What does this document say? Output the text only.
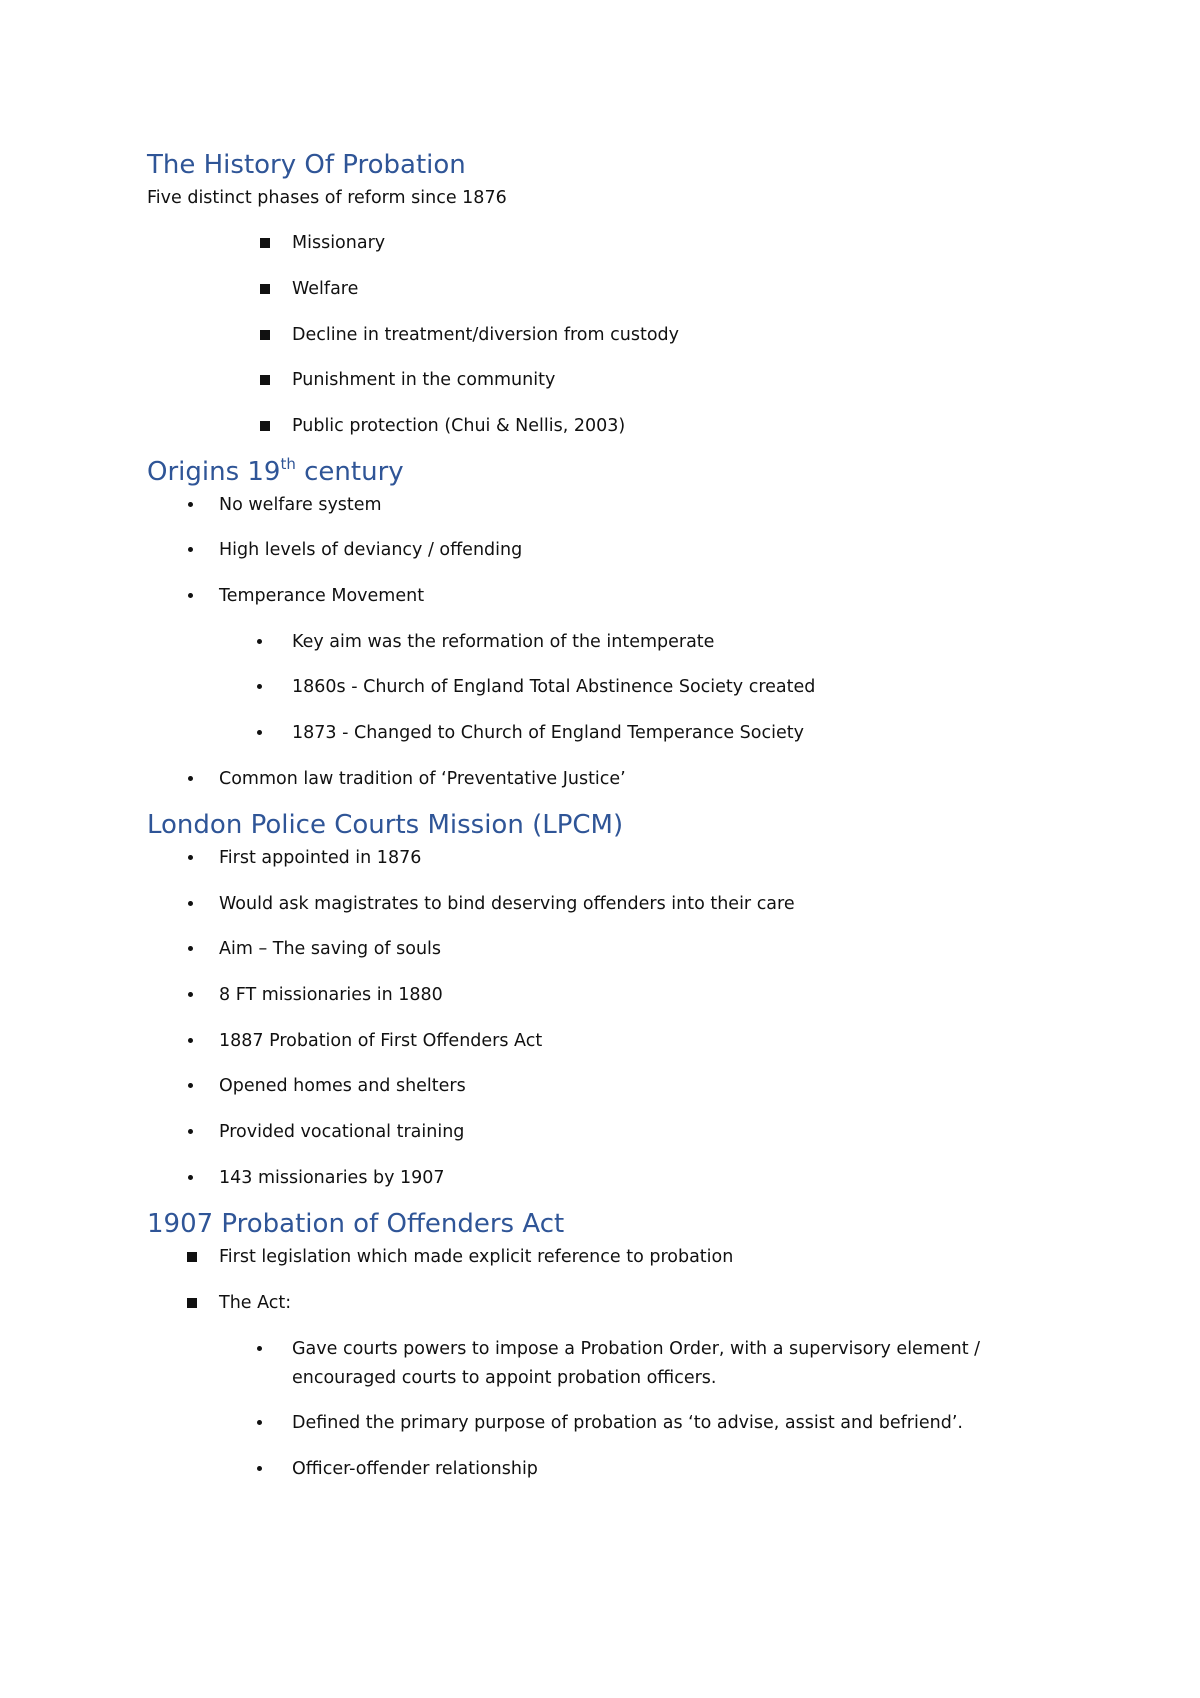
The History Of Probation

Five distinct phases of reform since 1876

Missionary
Welfare
Decline in treatment/diversion from custody
Punishment in the community
Public protection (Chui & Nellis, 2003)
Origins 19th century
No welfare system
High levels of deviancy / offending
Temperance Movement
Key aim was the reformation of the intemperate
1860s - Church of England Total Abstinence Society created
1873 - Changed to Church of England Temperance Society
Common law tradition of ‘Preventative Justice’
London Police Courts Mission (LPCM)
First appointed in 1876
Would ask magistrates to bind deserving offenders into their care
Aim – The saving of souls
8 FT missionaries in 1880
1887 Probation of First Offenders Act
Opened homes and shelters
Provided vocational training
143 missionaries by 1907
1907 Probation of Offenders Act
First legislation which made explicit reference to probation
The Act:
Gave courts powers to impose a Probation Order, with a supervisory element /
encouraged courts to appoint probation officers.
Defined the primary purpose of probation as ‘to advise, assist and befriend’.
Officer-offender relationship
